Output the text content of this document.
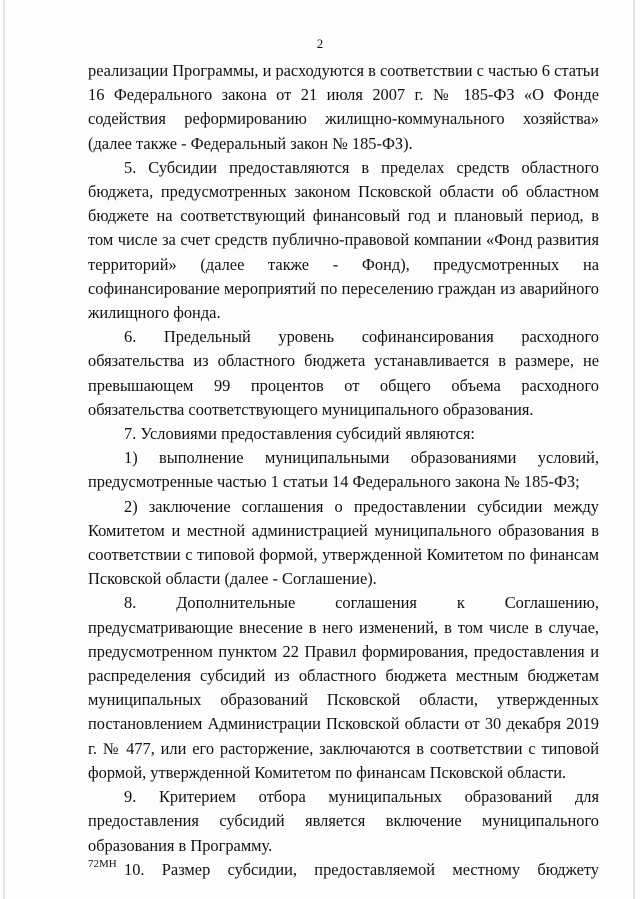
2

реализации Программы, и расходуются в соответствии с частью 6 статьи 16 Федерального закона от 21 июля 2007 г. № 185-ФЗ «О Фонде содействия реформированию жилищно-коммунального хозяйства» (далее также - Федеральный закон № 185-ФЗ).

5. Субсидии предоставляются в пределах средств областного бюджета, предусмотренных законом Псковской области об областном бюджете на соответствующий финансовый год и плановый период, в том числе за счет средств публично-правовой компании «Фонд развития территорий» (далее также - Фонд), предусмотренных на софинансирование мероприятий по переселению граждан из аварийного жилищного фонда.

6. Предельный уровень софинансирования расходного обязательства из областного бюджета устанавливается в размере, не превышающем 99 процентов от общего объема расходного обязательства соответствующего муниципального образования.

7. Условиями предоставления субсидий являются:

1) выполнение муниципальными образованиями условий, предусмотренные частью 1 статьи 14 Федерального закона № 185-ФЗ;

2) заключение соглашения о предоставлении субсидии между Комитетом и местной администрацией муниципального образования в соответствии с типовой формой, утвержденной Комитетом по финансам Псковской области (далее - Соглашение).

8. Дополнительные соглашения к Соглашению, предусматривающие внесение в него изменений, в том числе в случае, предусмотренном пунктом 22 Правил формирования, предоставления и распределения субсидий из областного бюджета местным бюджетам муниципальных образований Псковской области, утвержденных постановлением Администрации Псковской области от 30 декабря 2019 г. № 477, или его расторжение, заключаются в соответствии с типовой формой, утвержденной Комитетом по финансам Псковской области.

9. Критерием отбора муниципальных образований для предоставления субсидий является включение муниципального образования в Программу.

10. Размер субсидии, предоставляемой местному бюджету

72МН
